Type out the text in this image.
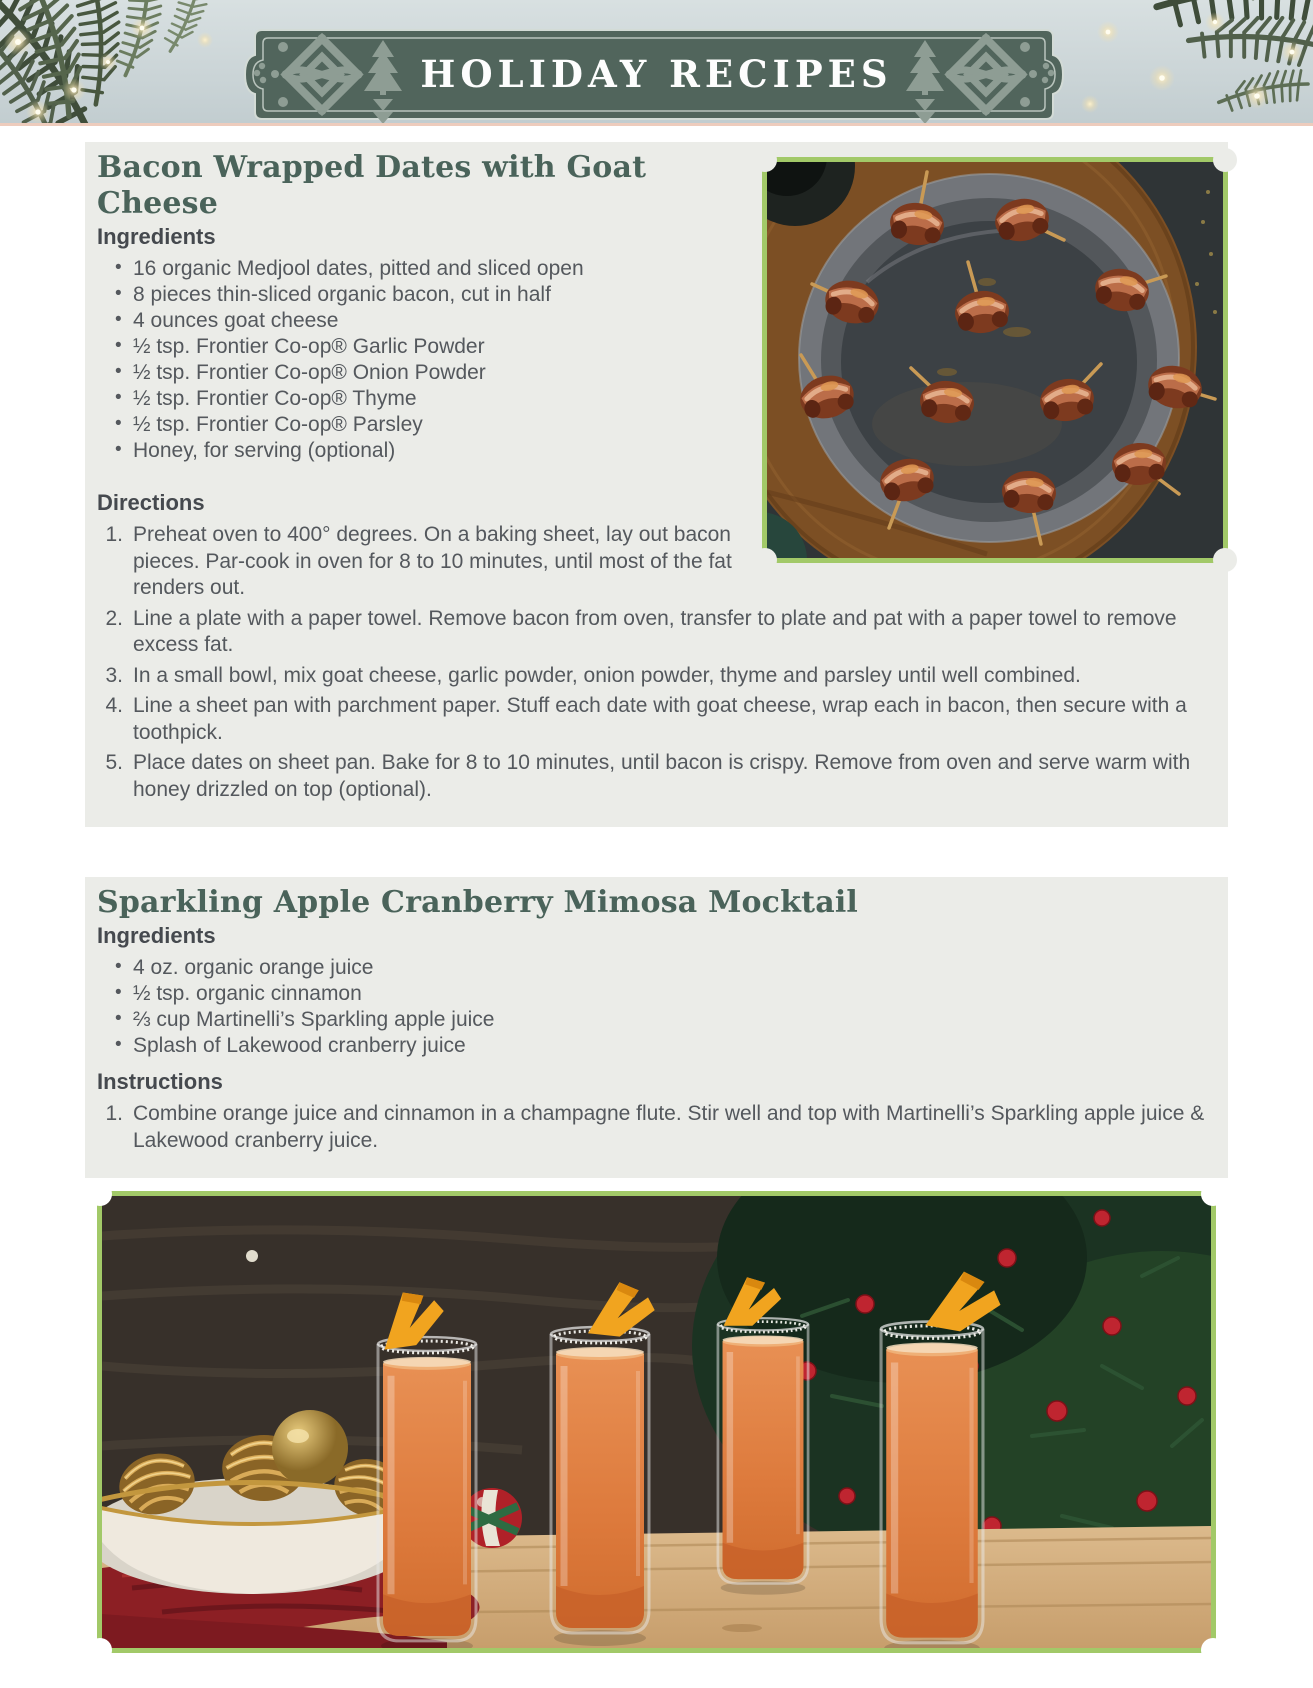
HOLIDAY RECIPES
Bacon Wrapped Dates with Goat Cheese
Ingredients
• 16 organic Medjool dates, pitted and sliced open
• 8 pieces thin-sliced organic bacon, cut in half
• 4 ounces goat cheese
• ½ tsp. Frontier Co-op® Garlic Powder
• ½ tsp. Frontier Co-op® Onion Powder
• ½ tsp. Frontier Co-op® Thyme
• ½ tsp. Frontier Co-op® Parsley
• Honey, for serving (optional)
Directions
Preheat oven to 400° degrees. On a baking sheet, lay out bacon pieces. Par-cook in oven for 8 to 10 minutes, until most of the fat renders out.
Line a plate with a paper towel. Remove bacon from oven, transfer to plate and pat with a paper towel to remove excess fat.
In a small bowl, mix goat cheese, garlic powder, onion powder, thyme and parsley until well combined.
Line a sheet pan with parchment paper. Stuff each date with goat cheese, wrap each in bacon, then secure with a toothpick.
Place dates on sheet pan. Bake for 8 to 10 minutes, until bacon is crispy. Remove from oven and serve warm with honey drizzled on top (optional).
Sparkling Apple Cranberry Mimosa Mocktail
Ingredients
• 4 oz. organic orange juice
• ½ tsp. organic cinnamon
• ⅔ cup Martinelli’s Sparkling apple juice
• Splash of Lakewood cranberry juice
Instructions
Combine orange juice and cinnamon in a champagne flute. Stir well and top with Martinelli’s Sparkling apple juice & Lakewood cranberry juice.
